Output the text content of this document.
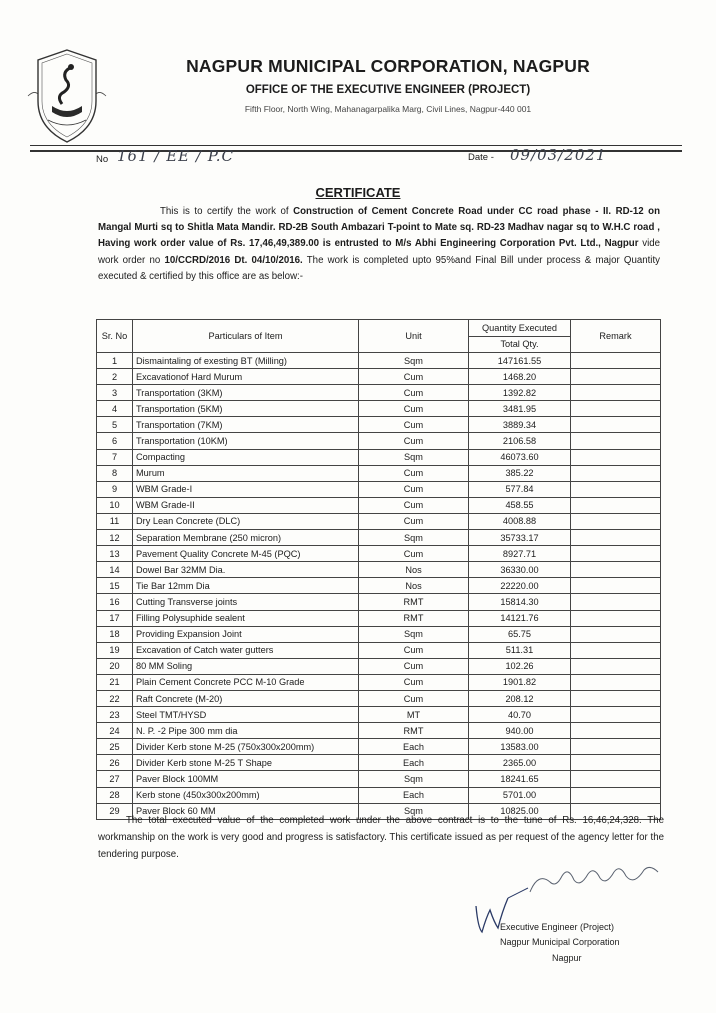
NAGPUR MUNICIPAL CORPORATION, NAGPUR
OFFICE OF THE EXECUTIVE ENGINEER (PROJECT)
Fifth Floor, North Wing, Mahanagarpalika Marg, Civil Lines, Nagpur-440 001
No 161 / EE / P.C	Date - 09/03/2021
CERTIFICATE
This is to certify the work of Construction of Cement Concrete Road under CC road phase - II. RD-12 on Mangal Murti sq to Shitla Mata Mandir. RD-2B South Ambazari T-point to Mate sq. RD-23 Madhav nagar sq to W.H.C road , Having work order value of Rs. 17,46,49,389.00 is entrusted to M/s Abhi Engineering Corporation Pvt. Ltd., Nagpur vide work order no 10/CCRD/2016 Dt. 04/10/2016. The work is completed upto 95%and Final Bill under process & major Quantity executed & certified by this office are as below:-
Sr. No	Particulars of Item	Unit	Quantity Executed	Remark
			Total Qty.	
1	Dismaintaling of exesting BT (Milling)	Sqm	147161.55	
2	Excavationof Hard Murum	Cum	1468.20	
3	Transportation (3KM)	Cum	1392.82	
4	Transportation (5KM)	Cum	3481.95	
5	Transportation (7KM)	Cum	3889.34	
6	Transportation (10KM)	Cum	2106.58	
7	Compacting	Sqm	46073.60	
8	Murum	Cum	385.22	
9	WBM Grade-I	Cum	577.84	
10	WBM Grade-II	Cum	458.55	
11	Dry Lean Concrete (DLC)	Cum	4008.88	
12	Separation Membrane (250 micron)	Sqm	35733.17	
13	Pavement Quality Concrete M-45 (PQC)	Cum	8927.71	
14	Dowel Bar 32MM Dia.	Nos	36330.00	
15	Tie Bar 12mm Dia	Nos	22220.00	
16	Cutting Transverse joints	RMT	15814.30	
17	Filling Polysuphide sealent	RMT	14121.76	
18	Providing Expansion Joint	Sqm	65.75	
19	Excavation of Catch water gutters	Cum	511.31	
20	80 MM Soling	Cum	102.26	
21	Plain Cement Concrete PCC M-10 Grade	Cum	1901.82	
22	Raft Concrete (M-20)	Cum	208.12	
23	Steel TMT/HYSD	MT	40.70	
24	N. P. -2 Pipe 300 mm dia	RMT	940.00	
25	Divider Kerb stone M-25 (750x300x200mm)	Each	13583.00	
26	Divider Kerb stone M-25 T Shape	Each	2365.00	
27	Paver Block 100MM	Sqm	18241.65	
28	Kerb stone (450x300x200mm)	Each	5701.00	
29	Paver Block 60 MM	Sqm	10825.00	
The total executed value of the completed work under the above contract is to the tune of Rs. 16,46,24,328. The workmanship on the work is very good and progress is satisfactory. This certificate issued as per request of the agency letter for the tendering purpose.
Executive Engineer (Project)
Nagpur Municipal Corporation
Nagpur
